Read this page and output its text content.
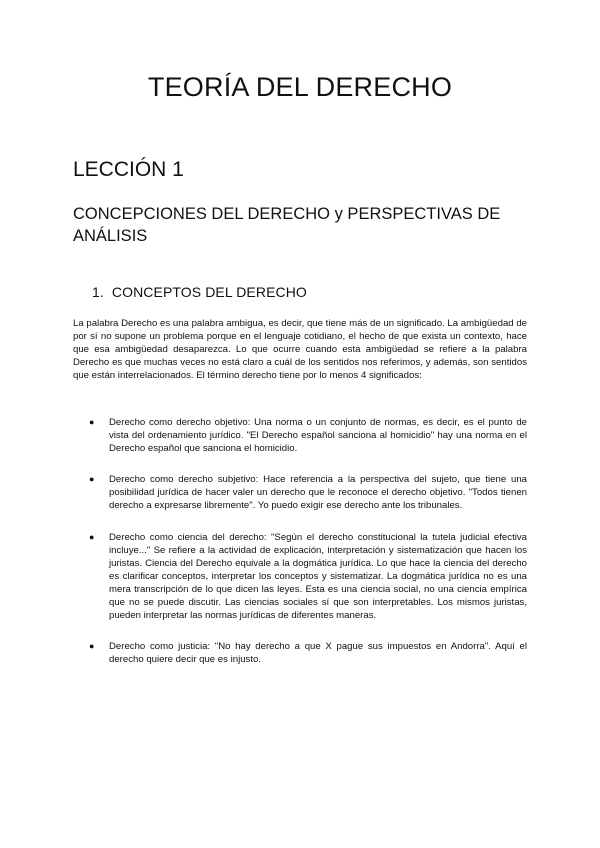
TEORÍA DEL DERECHO
LECCIÓN 1
CONCEPCIONES DEL DERECHO y PERSPECTIVAS DE ANÁLISIS
1. CONCEPTOS DEL DERECHO

La palabra Derecho es una palabra ambigua, es decir, que tiene más de un significado. La ambigüedad de por sí no supone un problema porque en el lenguaje cotidiano, el hecho de que exista un contexto, hace que esa ambigüedad desaparezca. Lo que ocurre cuando esta ambigüedad se refiere a la palabra Derecho es que muchas veces no está claro a cuál de los sentidos nos referimos, y además, son sentidos que están interrelacionados. El término derecho tiene por lo menos 4 significados:

● Derecho como derecho objetivo: Una norma o un conjunto de normas, es decir, es el punto de vista del ordenamiento jurídico. "El Derecho español sanciona al homicidio" hay una norma en el Derecho español que sanciona el homicidio.
● Derecho como derecho subjetivo: Hace referencia a la perspectiva del sujeto, que tiene una posibilidad jurídica de hacer valer un derecho que le reconoce el derecho objetivo. "Todos tienen derecho a expresarse libremente". Yo puedo exigir ese derecho ante los tribunales.
● Derecho como ciencia del derecho: "Según el derecho constitucional la tutela judicial efectiva incluye..." Se refiere a la actividad de explicación, interpretación y sistematización que hacen los juristas. Ciencia del Derecho equivale a la dogmática jurídica. Lo que hace la ciencia del derecho es clarificar conceptos, interpretar los conceptos y sistematizar. La dogmática jurídica no es una mera transcripción de lo que dicen las leyes. Esta es una ciencia social, no una ciencia empírica que no se puede discutir. Las ciencias sociales sí que son interpretables. Los mismos juristas, pueden interpretar las normas jurídicas de diferentes maneras.
● Derecho como justicia: "No hay derecho a que X pague sus impuestos en Andorra". Aquí el derecho quiere decir que es injusto.
